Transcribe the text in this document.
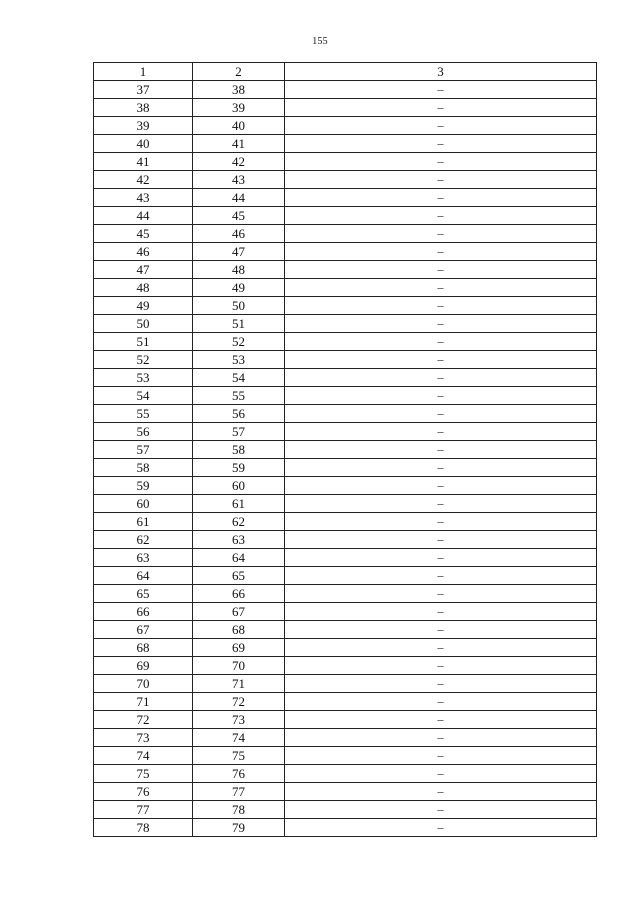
155
1	2	3
37	38	–
38	39	–
39	40	–
40	41	–
41	42	–
42	43	–
43	44	–
44	45	–
45	46	–
46	47	–
47	48	–
48	49	–
49	50	–
50	51	–
51	52	–
52	53	–
53	54	–
54	55	–
55	56	–
56	57	–
57	58	–
58	59	–
59	60	–
60	61	–
61	62	–
62	63	–
63	64	–
64	65	–
65	66	–
66	67	–
67	68	–
68	69	–
69	70	–
70	71	–
71	72	–
72	73	–
73	74	–
74	75	–
75	76	–
76	77	–
77	78	–
78	79	–
